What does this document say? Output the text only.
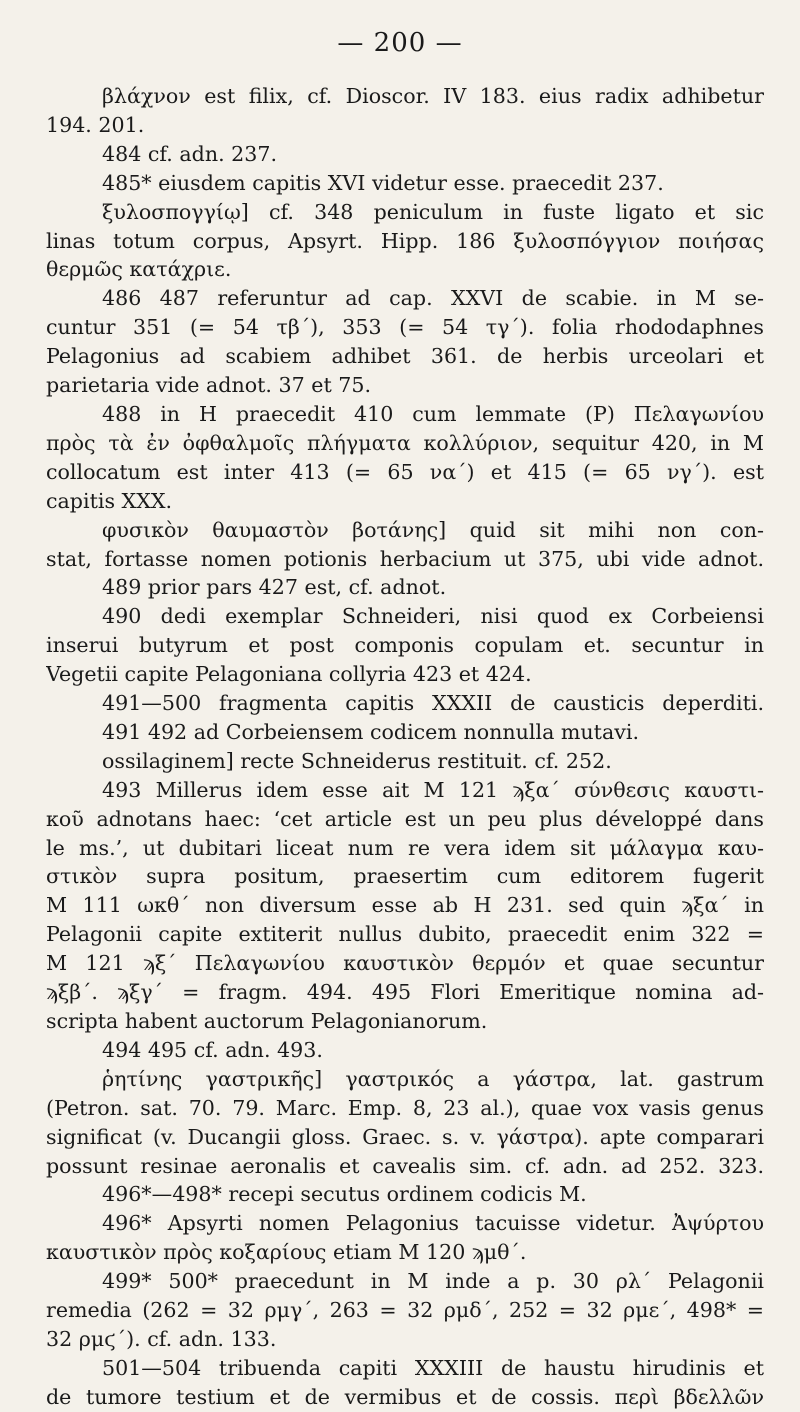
— 200 —
βλάχνον est filix, cf. Dioscor. IV 183. eius radix adhibetur
194. 201.
484 cf. adn. 237.
485* eiusdem capitis XVI videtur esse. praecedit 237.
ξυλοσπογγίῳ] cf. 348 peniculum in fuste ligato et sic
linas totum corpus, Apsyrt. Hipp. 186 ξυλοσπόγγιον ποιήσας
θερμῶς κατάχριε.
486 487 referuntur ad cap. XXVI de scabie. in M se-
cuntur 351 (= 54 τβ΄), 353 (= 54 τγ΄). folia rhododaphnes
Pelagonius ad scabiem adhibet 361. de herbis urceolari et
parietaria vide adnot. 37 et 75.
488 in H praecedit 410 cum lemmate (P) Πελαγωνίου
πρὸς τὰ ἐν ὀφθαλμοῖς πλήγματα κολλύριον, sequitur 420, in M
collocatum est inter 413 (= 65 να΄) et 415 (= 65 νγ΄). est
capitis XXX.
φυσικὸν θαυμαστὸν βοτάνης] quid sit mihi non con-
stat, fortasse nomen potionis herbacium ut 375, ubi vide adnot.
489 prior pars 427 est, cf. adnot.
490 dedi exemplar Schneideri, nisi quod ex Corbeiensi
inserui butyrum et post componis copulam et. secuntur in
Vegetii capite Pelagoniana collyria 423 et 424.
491—500 fragmenta capitis XXXII de causticis deperditi.
491 492 ad Corbeiensem codicem nonnulla mutavi.
ossilaginem] recte Schneiderus restituit. cf. 252.
493 Millerus idem esse ait M 121 ϡξα΄ σύνθεσις καυστι-
κοῦ adnotans haec: ‘cet article est un peu plus développé dans
le ms.’, ut dubitari liceat num re vera idem sit μάλαγμα καυ-
στικὸν supra positum, praesertim cum editorem fugerit
M 111 ωκθ΄ non diversum esse ab H 231. sed quin ϡξα΄ in
Pelagonii capite extiterit nullus dubito, praecedit enim 322 =
M 121 ϡξ΄ Πελαγωνίου καυστικὸν θερμόν et quae secuntur
ϡξβ΄. ϡξγ΄ = fragm. 494. 495 Flori Emeritique nomina ad-
scripta habent auctorum Pelagonianorum.
494 495 cf. adn. 493.
ῥητίνης γαστρικῆς] γαστρικός a γάστρα, lat. gastrum
(Petron. sat. 70. 79. Marc. Emp. 8, 23 al.), quae vox vasis genus
significat (v. Ducangii gloss. Graec. s. v. γάστρα). apte comparari
possunt resinae aeronalis et cavealis sim. cf. adn. ad 252. 323.
496*—498* recepi secutus ordinem codicis M.
496* Apsyrti nomen Pelagonius tacuisse videtur. Ἀψύρτου
καυστικὸν πρὸς κοξαρίους etiam M 120 ϡμθ΄.
499* 500* praecedunt in M inde a p. 30 ρλ΄ Pelagonii
remedia (262 = 32 ρμγ΄, 263 = 32 ρμδ΄, 252 = 32 ρμε΄, 498* =
32 ρμϛ΄). cf. adn. 133.
501—504 tribuenda capiti XXXIII de haustu hirudinis et
de tumore testium et de vermibus et de cossis. περὶ βδελλῶν
